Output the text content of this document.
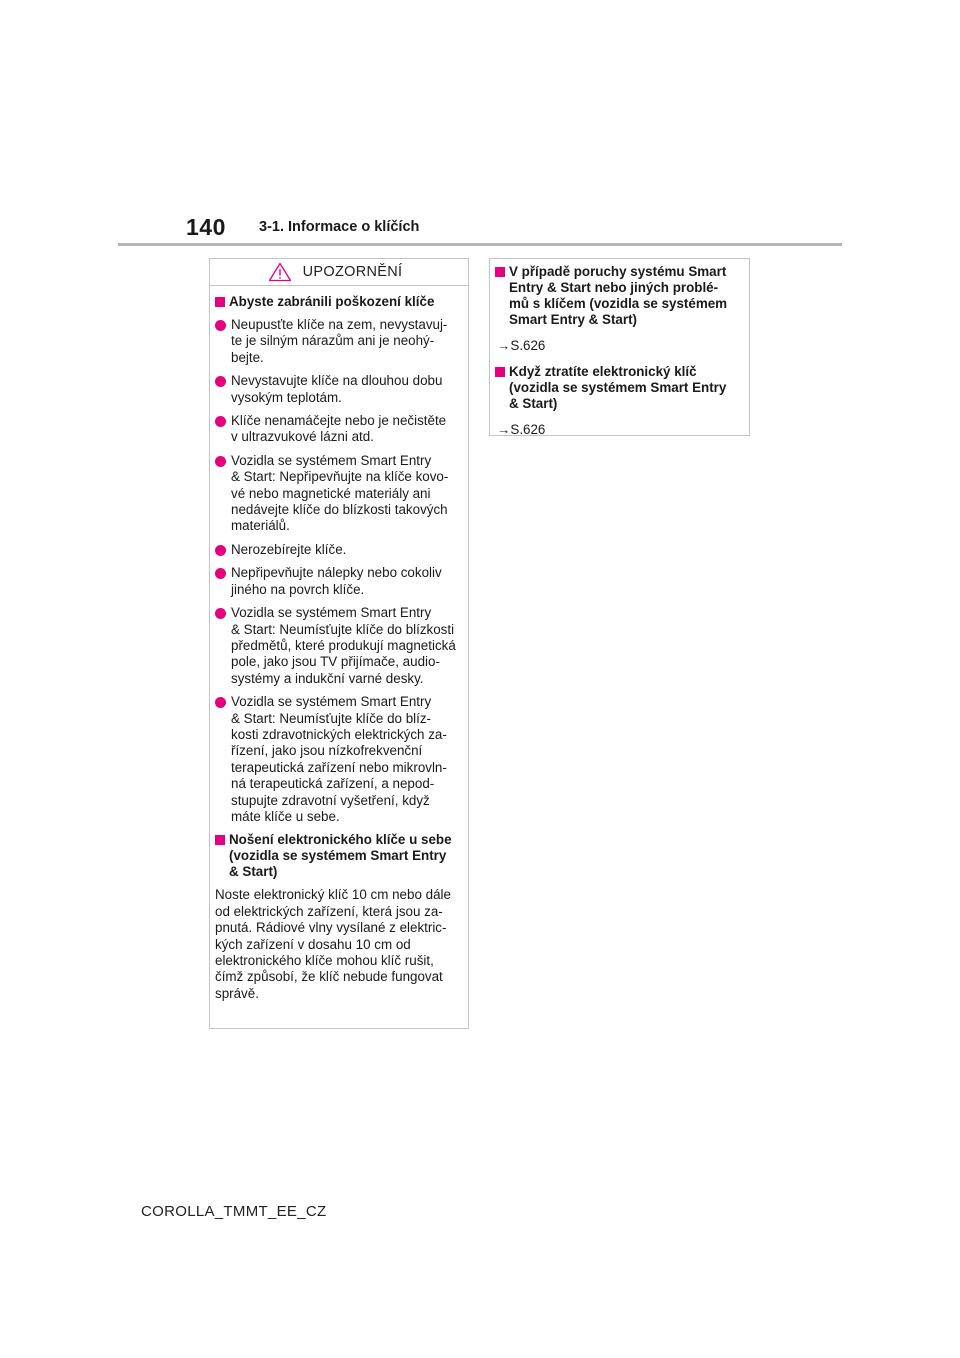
140 3-1. Informace o klíčích
UPOZORNĚNÍ
Abyste zabránili poškození klíče
Neupusťte klíče na zem, nevystavuj-
te je silným nárazům ani je neohý-
bejte.
Nevystavujte klíče na dlouhou dobu
vysokým teplotám.
Klíče nenamáčejte nebo je nečistěte
v ultrazvukové lázni atd.
Vozidla se systémem Smart Entry
& Start: Nepřipevňujte na klíče kovo-
vé nebo magnetické materiály ani
nedávejte klíče do blízkosti takových
materiálů.
Nerozebírejte klíče.
Nepřipevňujte nálepky nebo cokoliv
jiného na povrch klíče.
Vozidla se systémem Smart Entry
& Start: Neumísťujte klíče do blízkosti
předmětů, které produkují magnetická
pole, jako jsou TV přijímače, audio-
systémy a indukční varné desky.
Vozidla se systémem Smart Entry
& Start: Neumísťujte klíče do blíz-
kosti zdravotnických elektrických za-
řízení, jako jsou nízkofrekvenční
terapeutická zařízení nebo mikrovln-
ná terapeutická zařízení, a nepod-
stupujte zdravotní vyšetření, když
máte klíče u sebe.
Nošení elektronického klíče u sebe
(vozidla se systémem Smart Entry
& Start)
Noste elektronický klíč 10 cm nebo dále
od elektrických zařízení, která jsou za-
pnutá. Rádiové vlny vysílané z elektric-
kých zařízení v dosahu 10 cm od
elektronického klíče mohou klíč rušit,
čímž způsobí, že klíč nebude fungovat
správě.
V případě poruchy systému Smart
Entry & Start nebo jiných problé-
mů s klíčem (vozidla se systémem
Smart Entry & Start)
→S.626
Když ztratíte elektronický klíč
(vozidla se systémem Smart Entry
& Start)
→S.626
COROLLA_TMMT_EE_CZ
